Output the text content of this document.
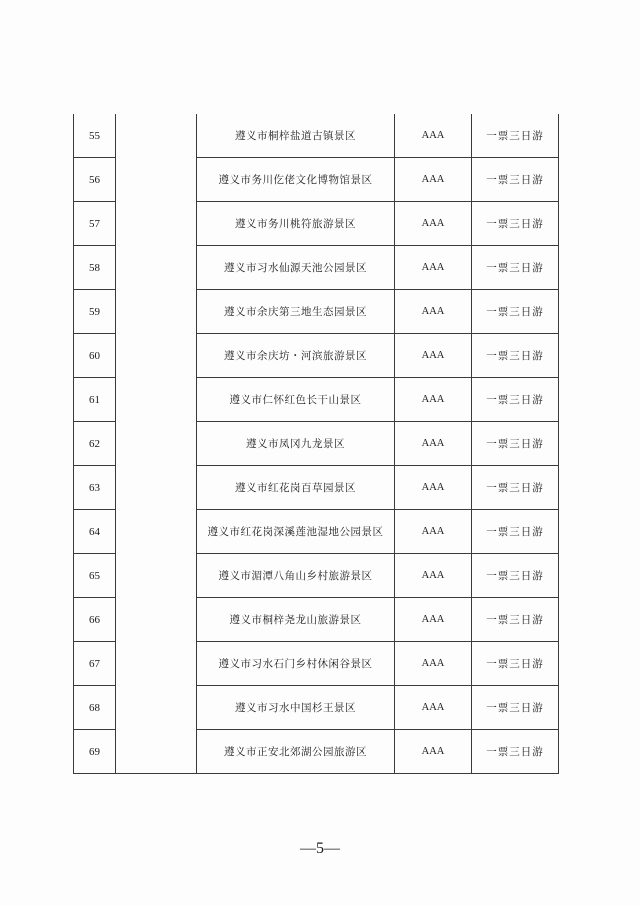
55		遵义市桐梓盐道古镇景区	AAA	一票三日游
56		遵义市务川仡佬文化博物馆景区	AAA	一票三日游
57		遵义市务川桃符旅游景区	AAA	一票三日游
58		遵义市习水仙源天池公园景区	AAA	一票三日游
59		遵义市余庆第三地生态园景区	AAA	一票三日游
60		遵义市余庆坊・河滨旅游景区	AAA	一票三日游
61		遵义市仁怀红色长干山景区	AAA	一票三日游
62		遵义市凤冈九龙景区	AAA	一票三日游
63		遵义市红花岗百草园景区	AAA	一票三日游
64		遵义市红花岗深溪莲池湿地公园景区	AAA	一票三日游
65		遵义市湄潭八角山乡村旅游景区	AAA	一票三日游
66		遵义市桐梓尧龙山旅游景区	AAA	一票三日游
67		遵义市习水石门乡村休闲谷景区	AAA	一票三日游
68		遵义市习水中国杉王景区	AAA	一票三日游
69		遵义市正安北郊湖公园旅游区	AAA	一票三日游
—5—
